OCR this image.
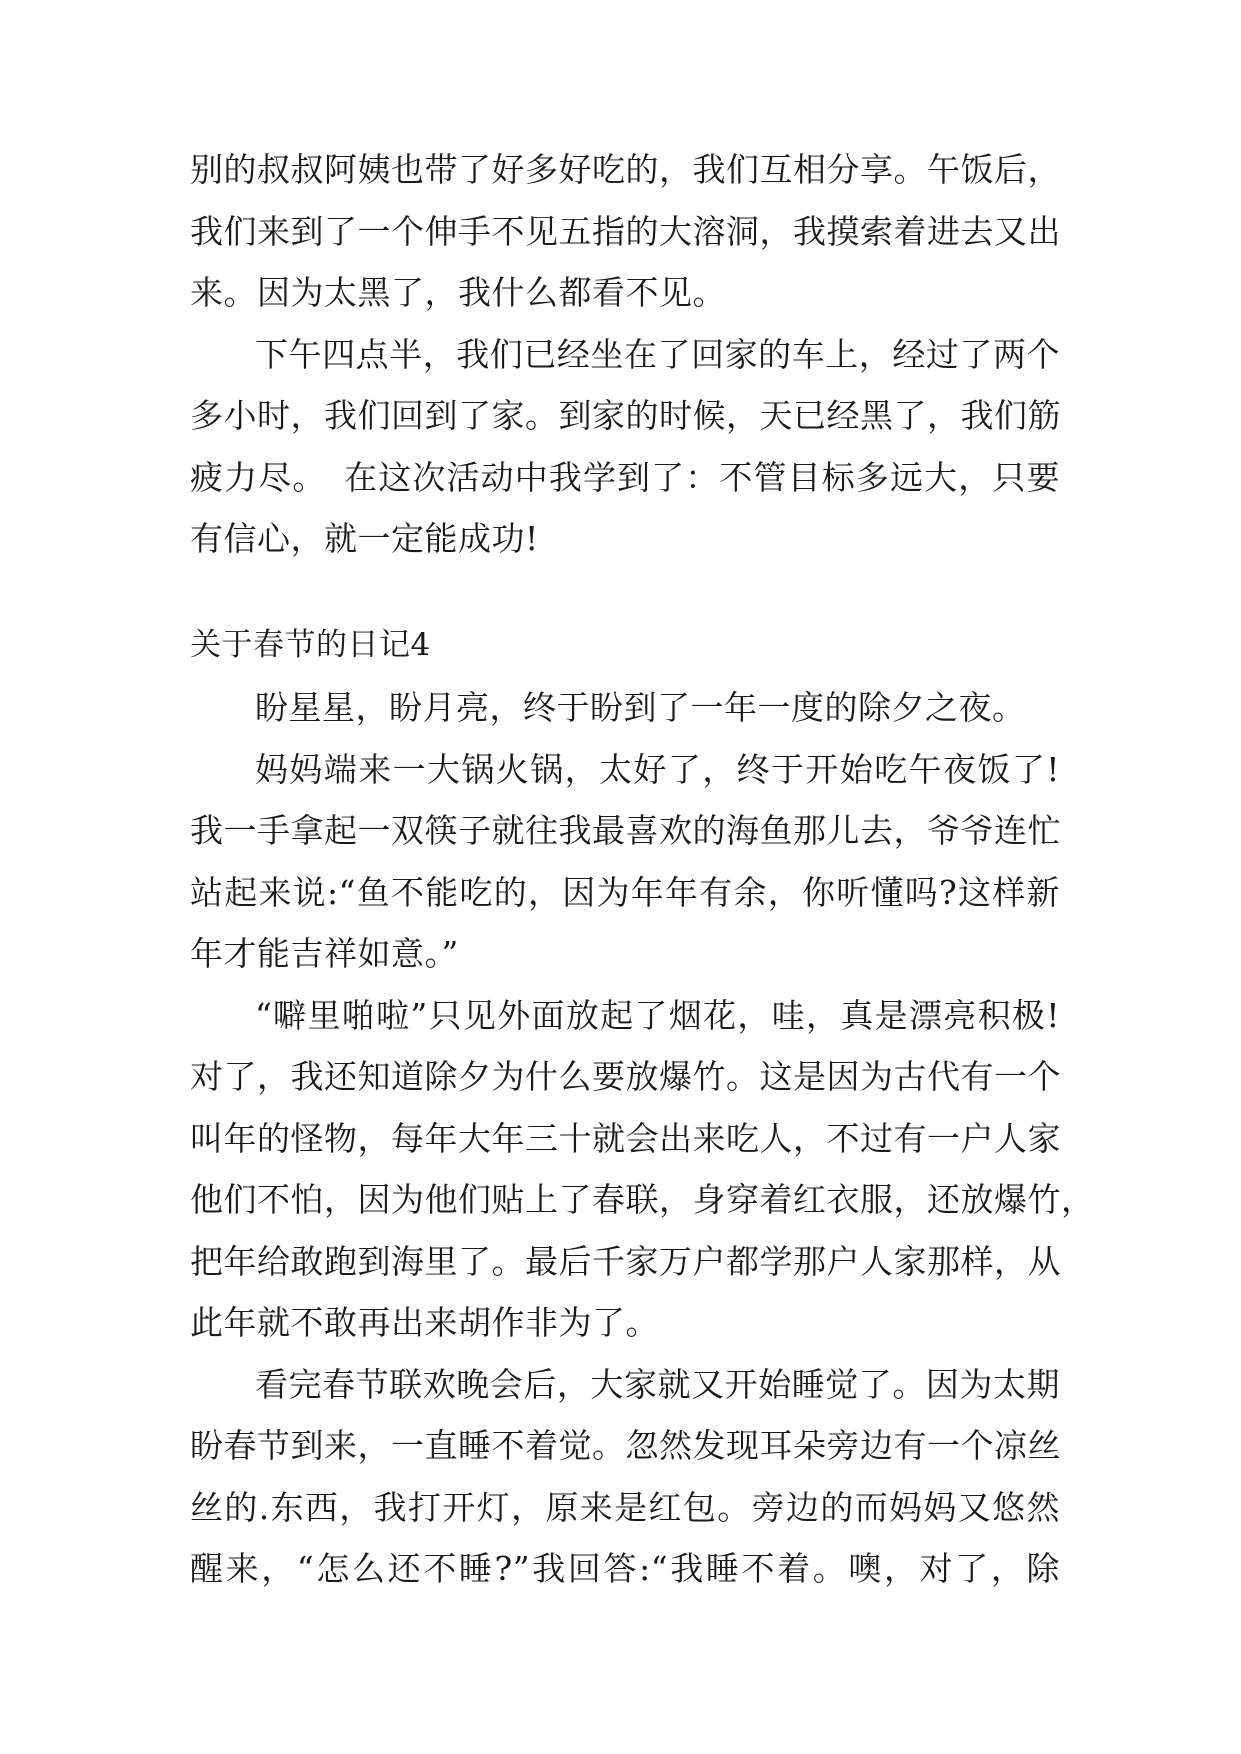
别的叔叔阿姨也带了好多好吃的，我们互相分享。午饭后，
我们来到了一个伸手不见五指的大溶洞，我摸索着进去又出
来。因为太黑了，我什么都看不见。
下午四点半，我们已经坐在了回家的车上，经过了两个
多小时，我们回到了家。到家的时候，天已经黑了，我们筋
疲力尽。　在这次活动中我学到了：不管目标多远大，只要
有信心，就一定能成功!
关于春节的日记4
盼星星，盼月亮，终于盼到了一年一度的除夕之夜。
妈妈端来一大锅火锅，太好了，终于开始吃午夜饭了!
我一手拿起一双筷子就往我最喜欢的海鱼那儿去，爷爷连忙
站起来说:“鱼不能吃的，因为年年有余，你听懂吗?这样新
年才能吉祥如意。”
“噼里啪啦”只见外面放起了烟花，哇，真是漂亮积极!
对了，我还知道除夕为什么要放爆竹。这是因为古代有一个
叫年的怪物，每年大年三十就会出来吃人，不过有一户人家
他们不怕，因为他们贴上了春联，身穿着红衣服，还放爆竹，
把年给敢跑到海里了。最后千家万户都学那户人家那样，从
此年就不敢再出来胡作非为了。
看完春节联欢晚会后，大家就又开始睡觉了。因为太期
盼春节到来，一直睡不着觉。忽然发现耳朵旁边有一个凉丝
丝的.东西，我打开灯，原来是红包。旁边的而妈妈又悠然
醒来，“怎么还不睡?”我回答:“我睡不着。噢，对了，除
